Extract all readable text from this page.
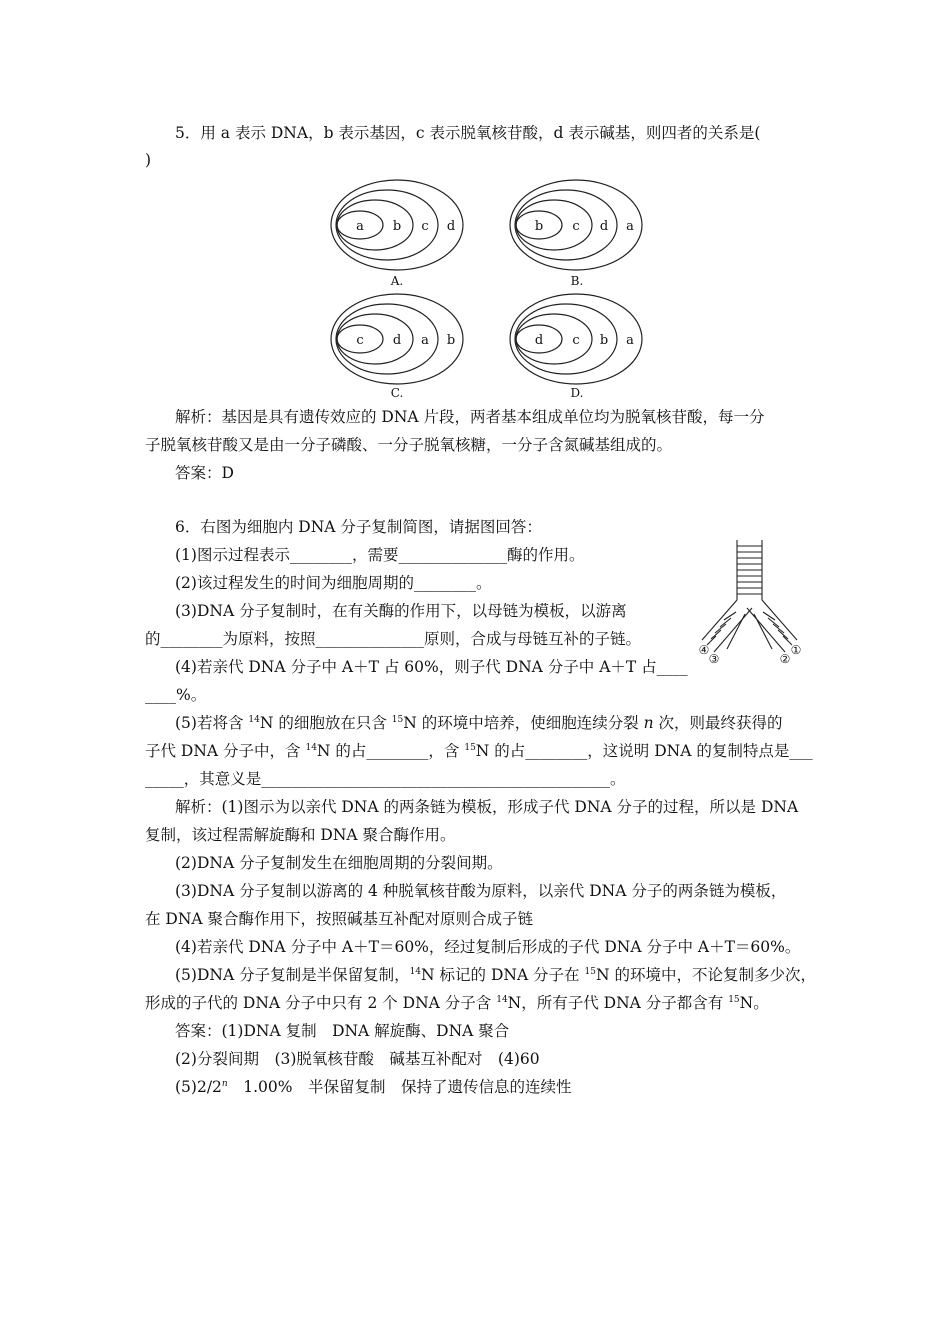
5．用 a 表示 DNA，b 表示基因，c 表示脱氧核苷酸，d 表示碱基，则四者的关系是(
)
a b c d	b c d a
c d a b	d c b a
A.	B.
C.	D.
解析：基因是具有遗传效应的 DNA 片段，两者基本组成单位均为脱氧核苷酸，每一分
子脱氧核苷酸又是由一分子磷酸、一分子脱氧核糖，一分子含氮碱基组成的。
答案：D
6．右图为细胞内 DNA 分子复制简图，请据图回答：
(1)图示过程表示________，需要______________酶的作用。
(2)该过程发生的时间为细胞周期的________。
(3)DNA 分子复制时，在有关酶的作用下，以母链为模板，以游离
的________为原料，按照______________原则，合成与母链互补的子链。
(4)若亲代 DNA 分子中 A＋T 占 60%，则子代 DNA 分子中 A＋T 占____
____%。
④
③	②
①
(5)若将含 $^{14}$N 的细胞放在只含 $^{15}$N 的环境中培养，使细胞连续分裂 n 次，则最终获得的
子代 DNA 分子中，含 $^{14}$N 的占________，含 $^{15}$N 的占________，这说明 DNA 的复制特点是___
_____，其意义是_____________________________________________。
解析：(1)图示为以亲代 DNA 的两条链为模板，形成子代 DNA 分子的过程，所以是 DNA
复制，该过程需解旋酶和 DNA 聚合酶作用。
(2)DNA 分子复制发生在细胞周期的分裂间期。
(3)DNA 分子复制以游离的 4 种脱氧核苷酸为原料，以亲代 DNA 分子的两条链为模板，
在 DNA 聚合酶作用下，按照碱基互补配对原则合成子链
(4)若亲代 DNA 分子中 A＋T＝60%，经过复制后形成的子代 DNA 分子中 A＋T＝60%。
(5)DNA 分子复制是半保留复制，$^{14}$N 标记的 DNA 分子在 $^{15}$N 的环境中，不论复制多少次，
形成的子代的 DNA 分子中只有 2 个 DNA 分子含 $^{14}$N，所有子代 DNA 分子都含有 $^{15}$N。
答案：(1)DNA 复制　DNA 解旋酶、DNA 聚合
(2)分裂间期　(3)脱氧核苷酸　碱基互补配对　(4)60
(5)2/2$^n$　1.00%　半保留复制　保持了遗传信息的连续性
